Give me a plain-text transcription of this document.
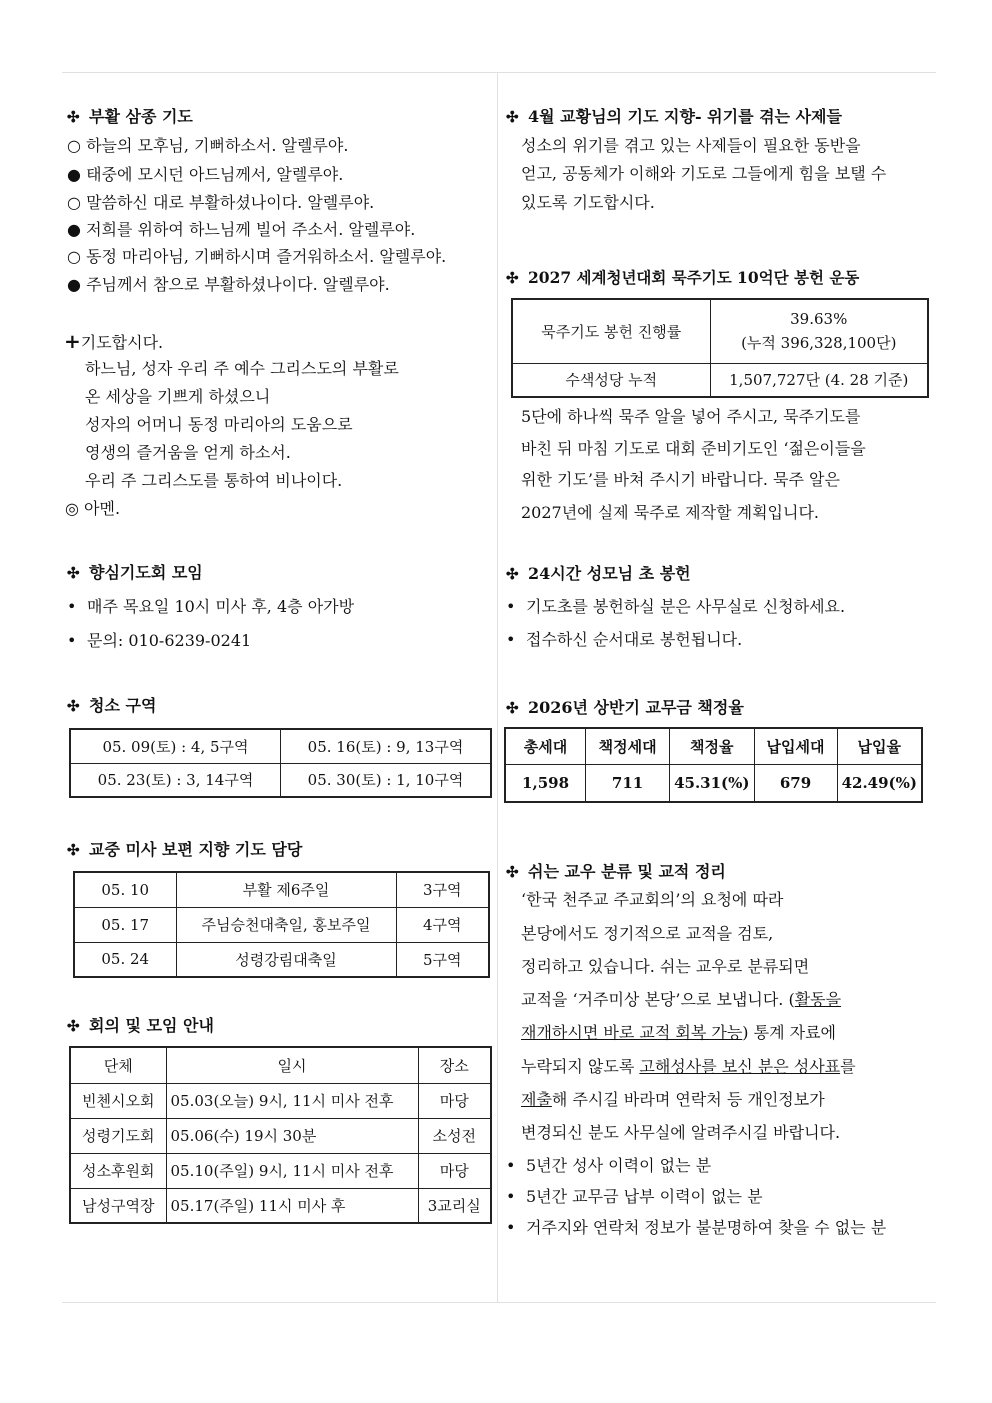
✣ 부활 삼종 기도
○ 하늘의 모후님, 기뻐하소서. 알렐루야.
● 태중에 모시던 아드님께서, 알렐루야.
○ 말씀하신 대로 부활하셨나이다. 알렐루야.
● 저희를 위하여 하느님께 빌어 주소서. 알렐루야.
○ 동정 마리아님, 기뻐하시며 즐거워하소서. 알렐루야.
● 주님께서 참으로 부활하셨나이다. 알렐루야.
+기도합시다.
하느님, 성자 우리 주 예수 그리스도의 부활로
온 세상을 기쁘게 하셨으니
성자의 어머니 동정 마리아의 도움으로
영생의 즐거움을 얻게 하소서.
우리 주 그리스도를 통하여 비나이다.
◎ 아멘.
✣ 향심기도회 모임
• 매주 목요일 10시 미사 후, 4층 아가방
• 문의: 010-6239-0241
✣ 청소 구역
05. 09(토) : 4, 5구역	05. 16(토) : 9, 13구역
05. 23(토) : 3, 14구역	05. 30(토) : 1, 10구역
✣ 교중 미사 보편 지향 기도 담당
05. 10	부활 제6주일	3구역
05. 17	주님승천대축일, 홍보주일	4구역
05. 24	성령강림대축일	5구역
✣ 회의 및 모임 안내
단체	일시	장소
빈첸시오회	05.03(오늘) 9시, 11시 미사 전후	마당
성령기도회	05.06(수) 19시 30분	소성전
성소후원회	05.10(주일) 9시, 11시 미사 전후	마당
남성구역장	05.17(주일) 11시 미사 후	3교리실
✣ 4월 교황님의 기도 지향- 위기를 겪는 사제들
성소의 위기를 겪고 있는 사제들이 필요한 동반을
얻고, 공동체가 이해와 기도로 그들에게 힘을 보탤 수
있도록 기도합시다.
✣ 2027 세계청년대회 묵주기도 10억단 봉헌 운동
묵주기도 봉헌 진행률	39.63%
(누적 396,328,100단)

수색성당 누적	1,507,727단 (4. 28 기준)
5단에 하나씩 묵주 알을 넣어 주시고, 묵주기도를
바친 뒤 마침 기도로 대회 준비기도인 ‘젊은이들을
위한 기도’를 바쳐 주시기 바랍니다. 묵주 알은
2027년에 실제 묵주로 제작할 계획입니다.
✣ 24시간 성모님 초 봉헌
• 기도초를 봉헌하실 분은 사무실로 신청하세요.
• 접수하신 순서대로 봉헌됩니다.
✣ 2026년 상반기 교무금 책정율
총세대	책정세대	책정율	납입세대	납입율
1,598	711	45.31(%)	679	42.49(%)
✣ 쉬는 교우 분류 및 교적 정리
‘한국 천주교 주교회의’의 요청에 따라
본당에서도 정기적으로 교적을 검토,
정리하고 있습니다. 쉬는 교우로 분류되면
교적을 ‘거주미상 본당’으로 보냅니다. (활동을
재개하시면 바로 교적 회복 가능) 통계 자료에
누락되지 않도록 고해성사를 보신 분은 성사표를
제출해 주시길 바라며 연락처 등 개인정보가
변경되신 분도 사무실에 알려주시길 바랍니다.
• 5년간 성사 이력이 없는 분
• 5년간 교무금 납부 이력이 없는 분
• 거주지와 연락처 정보가 불분명하여 찾을 수 없는 분
